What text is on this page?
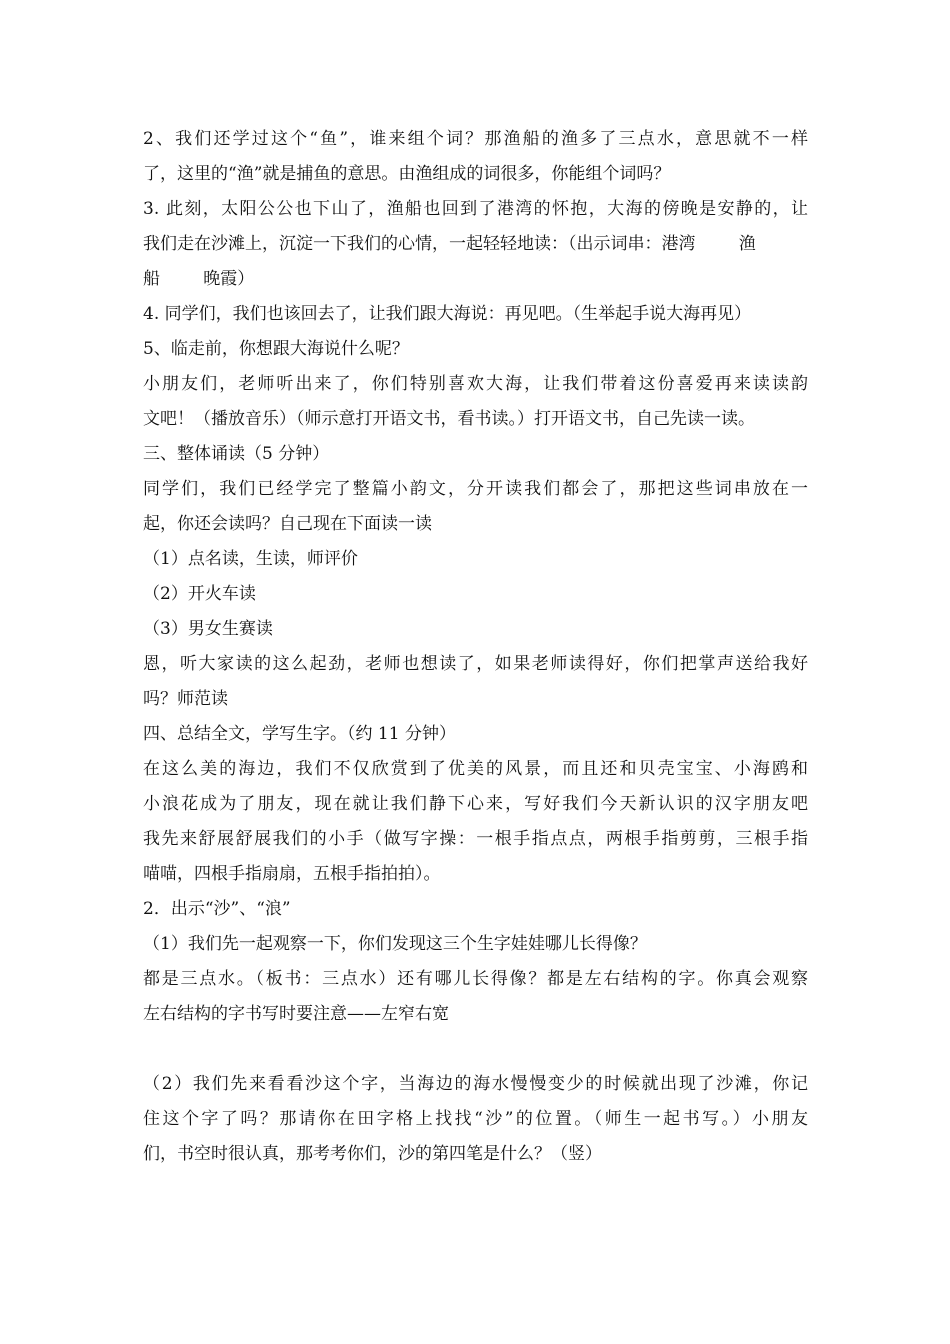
2、我们还学过这个“鱼”，谁来组个词？那渔船的渔多了三点水，意思就不一样
了，这里的“渔”就是捕鱼的意思。由渔组成的词很多，你能组个词吗？
3. 此刻，太阳公公也下山了，渔船也回到了港湾的怀抱，大海的傍晚是安静的，让
我们走在沙滩上，沉淀一下我们的心情，一起轻轻地读：（出示词串：港湾        渔
船        晚霞）
4. 同学们，我们也该回去了，让我们跟大海说：再见吧。（生举起手说大海再见）
5、临走前，你想跟大海说什么呢？
小朋友们，老师听出来了，你们特别喜欢大海，让我们带着这份喜爱再来读读韵
文吧！（播放音乐）（师示意打开语文书，看书读。）打开语文书，自己先读一读。
三、整体诵读（5 分钟）
同学们，我们已经学完了整篇小韵文，分开读我们都会了，那把这些词串放在一
起，你还会读吗？自己现在下面读一读
（1）点名读，生读，师评价
（2）开火车读
（3）男女生赛读
恩，听大家读的这么起劲，老师也想读了，如果老师读得好，你们把掌声送给我好
吗？师范读
四、总结全文，学写生字。（约 11 分钟）
在这么美的海边，我们不仅欣赏到了优美的风景，而且还和贝壳宝宝、小海鸥和
小浪花成为了朋友，现在就让我们静下心来，写好我们今天新认识的汉字朋友吧
我先来舒展舒展我们的小手（做写字操：一根手指点点，两根手指剪剪，三根手指
喵喵，四根手指扇扇，五根手指拍拍）。
2．出示“沙”、“浪”
（1）我们先一起观察一下，你们发现这三个生字娃娃哪儿长得像？
都是三点水。（板书：三点水）还有哪儿长得像？都是左右结构的字。你真会观察
左右结构的字书写时要注意——左窄右宽
（2）我们先来看看沙这个字，当海边的海水慢慢变少的时候就出现了沙滩，你记
住这个字了吗？那请你在田字格上找找“沙”的位置。（师生一起书写。）小朋友
们，书空时很认真，那考考你们，沙的第四笔是什么？（竖）
